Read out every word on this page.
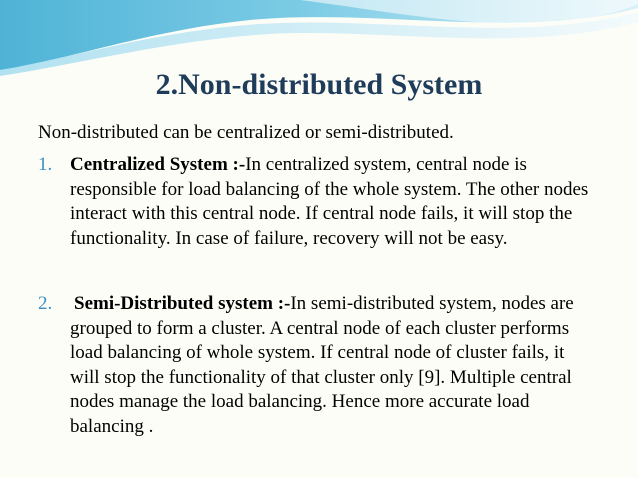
2.Non-distributed System

Non-distributed can be centralized or semi-distributed.

1. Centralized System :-In centralized system, central node is responsible for load balancing of the whole system. The other nodes interact with this central node. If central node fails, it will stop the functionality. In case of failure, recovery will not be easy.
2. Semi-Distributed system :-In semi-distributed system, nodes are grouped to form a cluster. A central node of each cluster performs load balancing of whole system. If central node of cluster fails, it will stop the functionality of that cluster only [9]. Multiple central nodes manage the load balancing. Hence more accurate load balancing .
